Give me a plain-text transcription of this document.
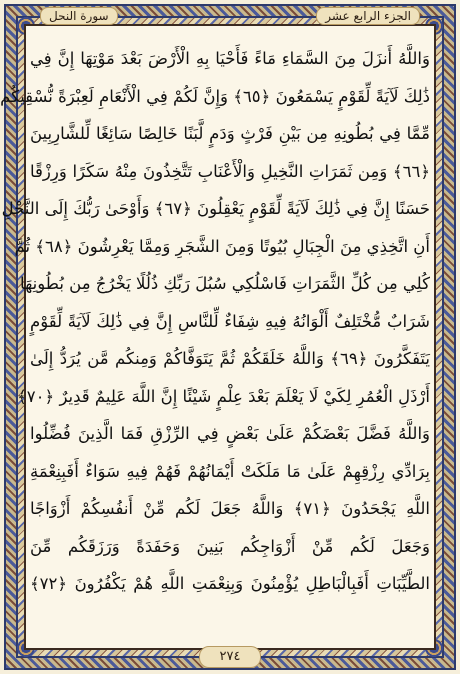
الجزء الرابع عشر
سورة النحل
وَاللَّهُ أَنزَلَ مِنَ السَّمَاءِ مَاءً فَأَحْيَا بِهِ الْأَرْضَ بَعْدَ مَوْتِهَا إِنَّ فِي
ذَٰلِكَ لَآيَةً لِّقَوْمٍ يَسْمَعُونَ ﴿٦٥﴾ وَإِنَّ لَكُمْ فِي الْأَنْعَامِ لَعِبْرَةً نُّسْقِيكُم
مِّمَّا فِي بُطُونِهِ مِن بَيْنِ فَرْثٍ وَدَمٍ لَّبَنًا خَالِصًا سَائِغًا لِّلشَّارِبِينَ
﴿٦٦﴾ وَمِن ثَمَرَاتِ النَّخِيلِ وَالْأَعْنَابِ تَتَّخِذُونَ مِنْهُ سَكَرًا وَرِزْقًا
حَسَنًا إِنَّ فِي ذَٰلِكَ لَآيَةً لِّقَوْمٍ يَعْقِلُونَ ﴿٦٧﴾ وَأَوْحَىٰ رَبُّكَ إِلَى النَّحْلِ
أَنِ اتَّخِذِي مِنَ الْجِبَالِ بُيُوتًا وَمِنَ الشَّجَرِ وَمِمَّا يَعْرِشُونَ ﴿٦٨﴾ ثُمَّ
كُلِي مِن كُلِّ الثَّمَرَاتِ فَاسْلُكِي سُبُلَ رَبِّكِ ذُلُلًا يَخْرُجُ مِن بُطُونِهَا
شَرَابٌ مُّخْتَلِفٌ أَلْوَانُهُ فِيهِ شِفَاءٌ لِّلنَّاسِ إِنَّ فِي ذَٰلِكَ لَآيَةً لِّقَوْمٍ
يَتَفَكَّرُونَ ﴿٦٩﴾ وَاللَّهُ خَلَقَكُمْ ثُمَّ يَتَوَفَّاكُمْ وَمِنكُم مَّن يُرَدُّ إِلَىٰ
أَرْذَلِ الْعُمُرِ لِكَيْ لَا يَعْلَمَ بَعْدَ عِلْمٍ شَيْئًا إِنَّ اللَّهَ عَلِيمٌ قَدِيرٌ ﴿٧٠﴾
وَاللَّهُ فَضَّلَ بَعْضَكُمْ عَلَىٰ بَعْضٍ فِي الرِّزْقِ فَمَا الَّذِينَ فُضِّلُوا
بِرَادِّي رِزْقِهِمْ عَلَىٰ مَا مَلَكَتْ أَيْمَانُهُمْ فَهُمْ فِيهِ سَوَاءٌ أَفَبِنِعْمَةِ
اللَّهِ يَجْحَدُونَ ﴿٧١﴾ وَاللَّهُ جَعَلَ لَكُم مِّنْ أَنفُسِكُمْ أَزْوَاجًا
وَجَعَلَ لَكُم مِّنْ أَزْوَاجِكُم بَنِينَ وَحَفَدَةً وَرَزَقَكُم مِّنَ
الطَّيِّبَاتِ أَفَبِالْبَاطِلِ يُؤْمِنُونَ وَبِنِعْمَتِ اللَّهِ هُمْ يَكْفُرُونَ ﴿٧٢﴾
٢٧٤
